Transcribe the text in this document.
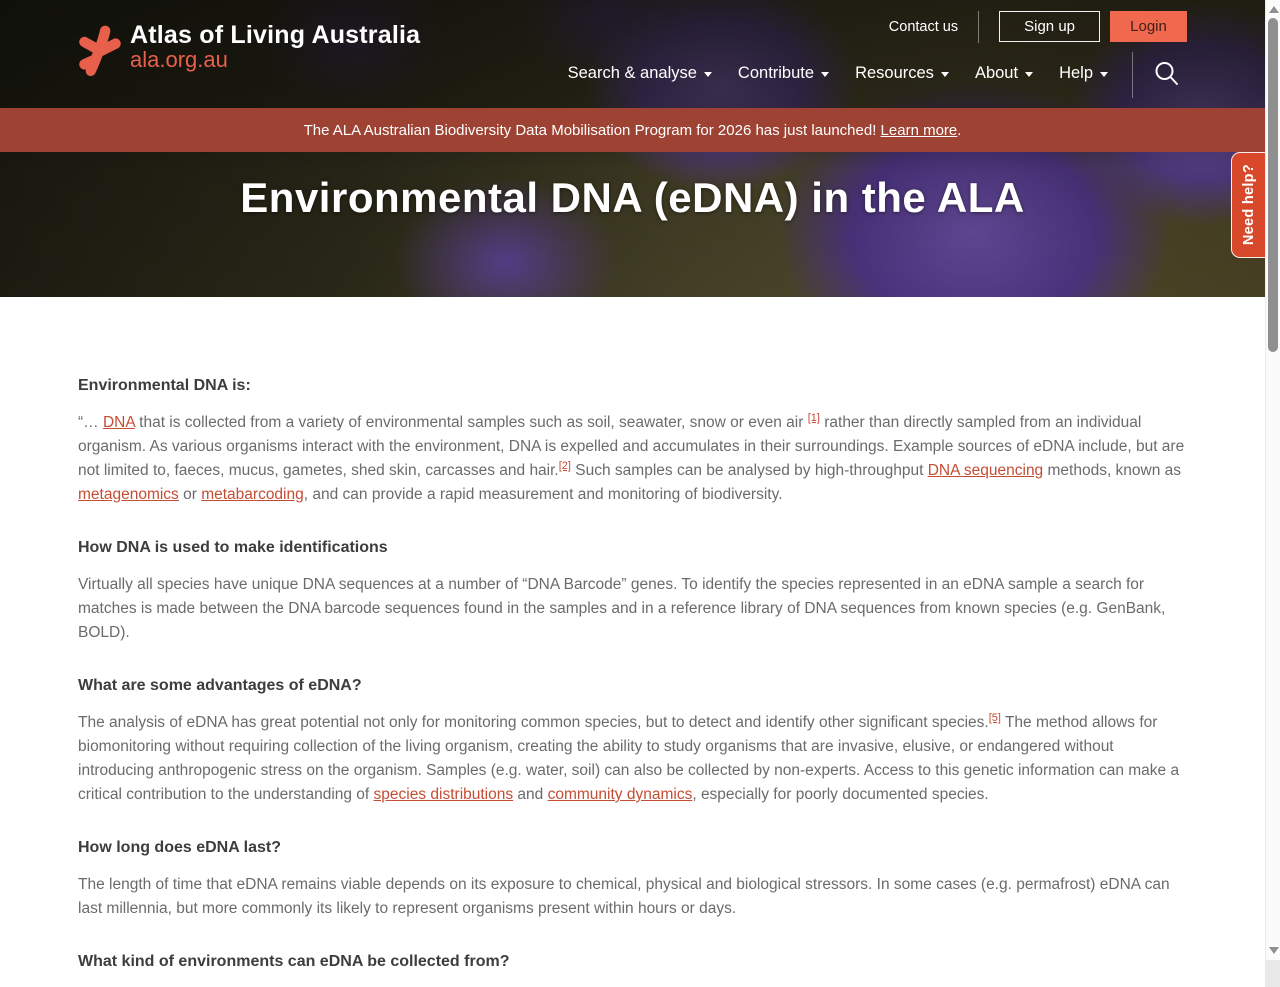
Atlas of Living Australia
ala.org.au
Contact us	Sign up	Login
Search & analyse Contribute Resources About Help
The ALA Australian Biodiversity Data Mobilisation Program for 2026 has just launched! Learn more.
Environmental DNA (eDNA) in the ALA	Need help?
Environmental DNA is:

“… DNA that is collected from a variety of environmental samples such as soil, seawater, snow or even air [1] rather than directly sampled from an individual organism. As various organisms interact with the environment, DNA is expelled and accumulates in their surroundings. Example sources of eDNA include, but are not limited to, faeces, mucus, gametes, shed skin, carcasses and hair.[2] Such samples can be analysed by high-throughput DNA sequencing methods, known as metagenomics or metabarcoding, and can provide a rapid measurement and monitoring of biodiversity.

How DNA is used to make identifications

Virtually all species have unique DNA sequences at a number of “DNA Barcode” genes. To identify the species represented in an eDNA sample a search for matches is made between the DNA barcode sequences found in the samples and in a reference library of DNA sequences from known species (e.g. GenBank, BOLD).

What are some advantages of eDNA?

The analysis of eDNA has great potential not only for monitoring common species, but to detect and identify other significant species.[5] The method allows for biomonitoring without requiring collection of the living organism, creating the ability to study organisms that are invasive, elusive, or endangered without introducing anthropogenic stress on the organism. Samples (e.g. water, soil) can also be collected by non-experts. Access to this genetic information can make a critical contribution to the understanding of species distributions and community dynamics, especially for poorly documented species.

How long does eDNA last?

The length of time that eDNA remains viable depends on its exposure to chemical, physical and biological stressors. In some cases (e.g. permafrost) eDNA can last millennia, but more commonly its likely to represent organisms present within hours or days.

What kind of environments can eDNA be collected from?
